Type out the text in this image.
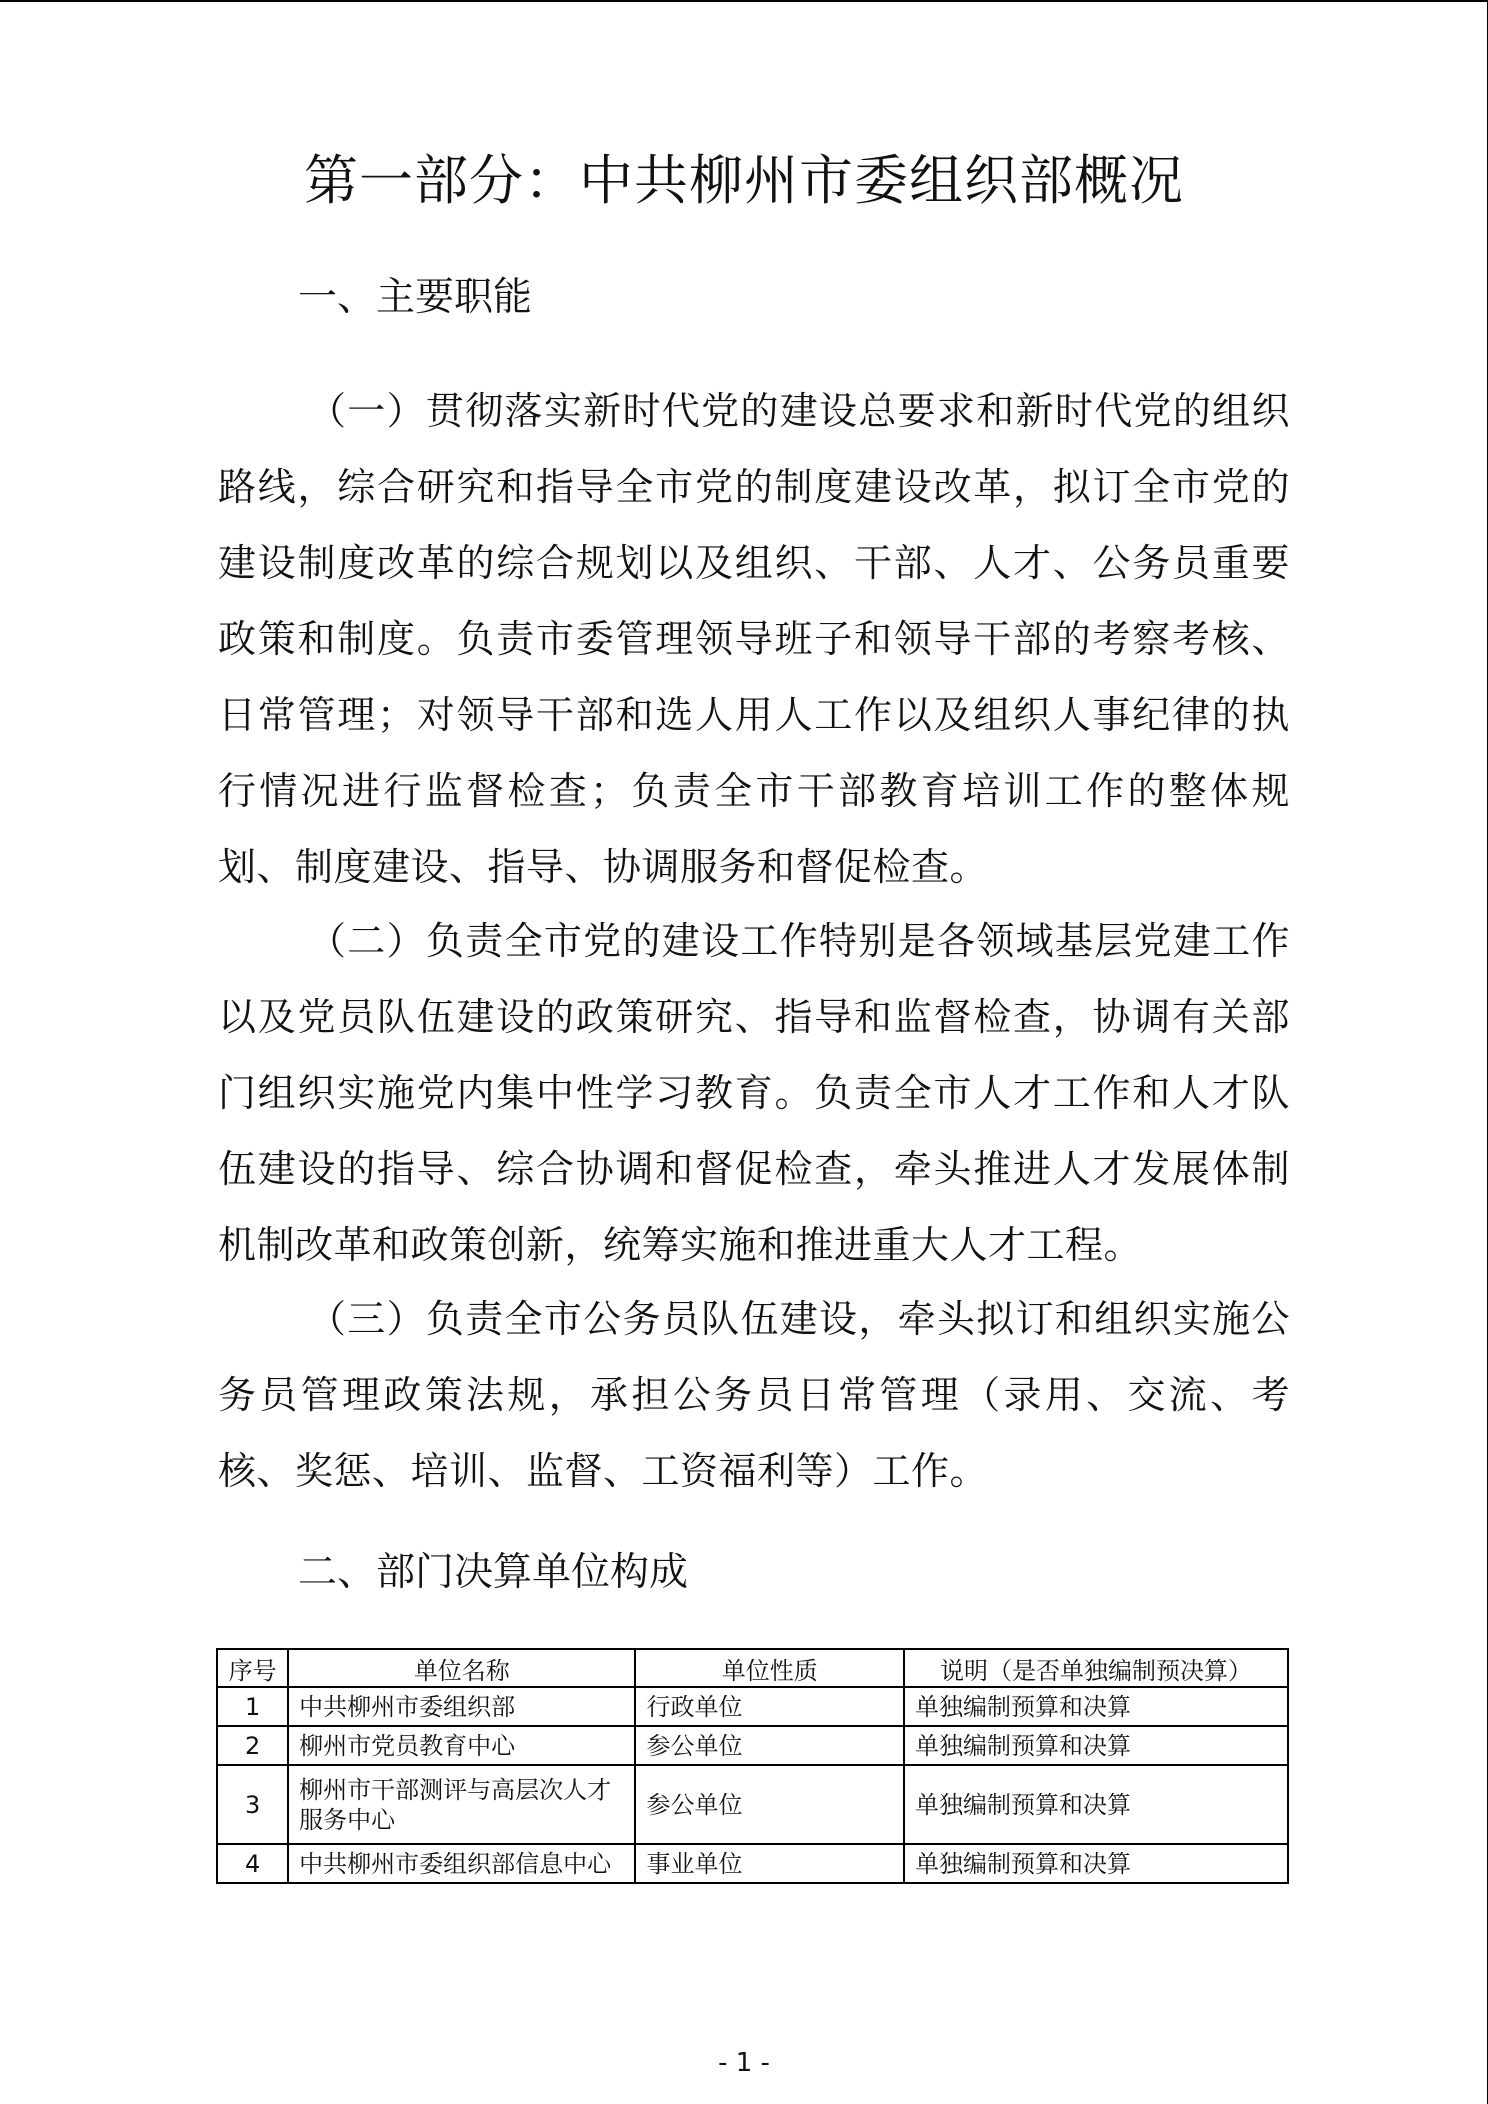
第一部分：中共柳州市委组织部概况
一、主要职能

（一）贯彻落实新时代党的建设总要求和新时代党的组织路线，综合研究和指导全市党的制度建设改革，拟订全市党的建设制度改革的综合规划以及组织、干部、人才、公务员重要政策和制度。负责市委管理领导班子和领导干部的考察考核、日常管理；对领导干部和选人用人工作以及组织人事纪律的执行情况进行监督检查；负责全市干部教育培训工作的整体规划、制度建设、指导、协调服务和督促检查。

（二）负责全市党的建设工作特别是各领域基层党建工作以及党员队伍建设的政策研究、指导和监督检查，协调有关部门组织实施党内集中性学习教育。负责全市人才工作和人才队伍建设的指导、综合协调和督促检查，牵头推进人才发展体制机制改革和政策创新，统筹实施和推进重大人才工程。

（三）负责全市公务员队伍建设，牵头拟订和组织实施公务员管理政策法规，承担公务员日常管理（录用、交流、考核、奖惩、培训、监督、工资福利等）工作。

二、部门决算单位构成
序号	单位名称	单位性质	说明（是否单独编制预决算）
1	中共柳州市委组织部	行政单位	单独编制预算和决算
2	柳州市党员教育中心	参公单位	单独编制预算和决算
3	柳州市干部测评与高层次人才服务中心	参公单位	单独编制预算和决算
4	中共柳州市委组织部信息中心	事业单位	单独编制预算和决算
- 1 -
